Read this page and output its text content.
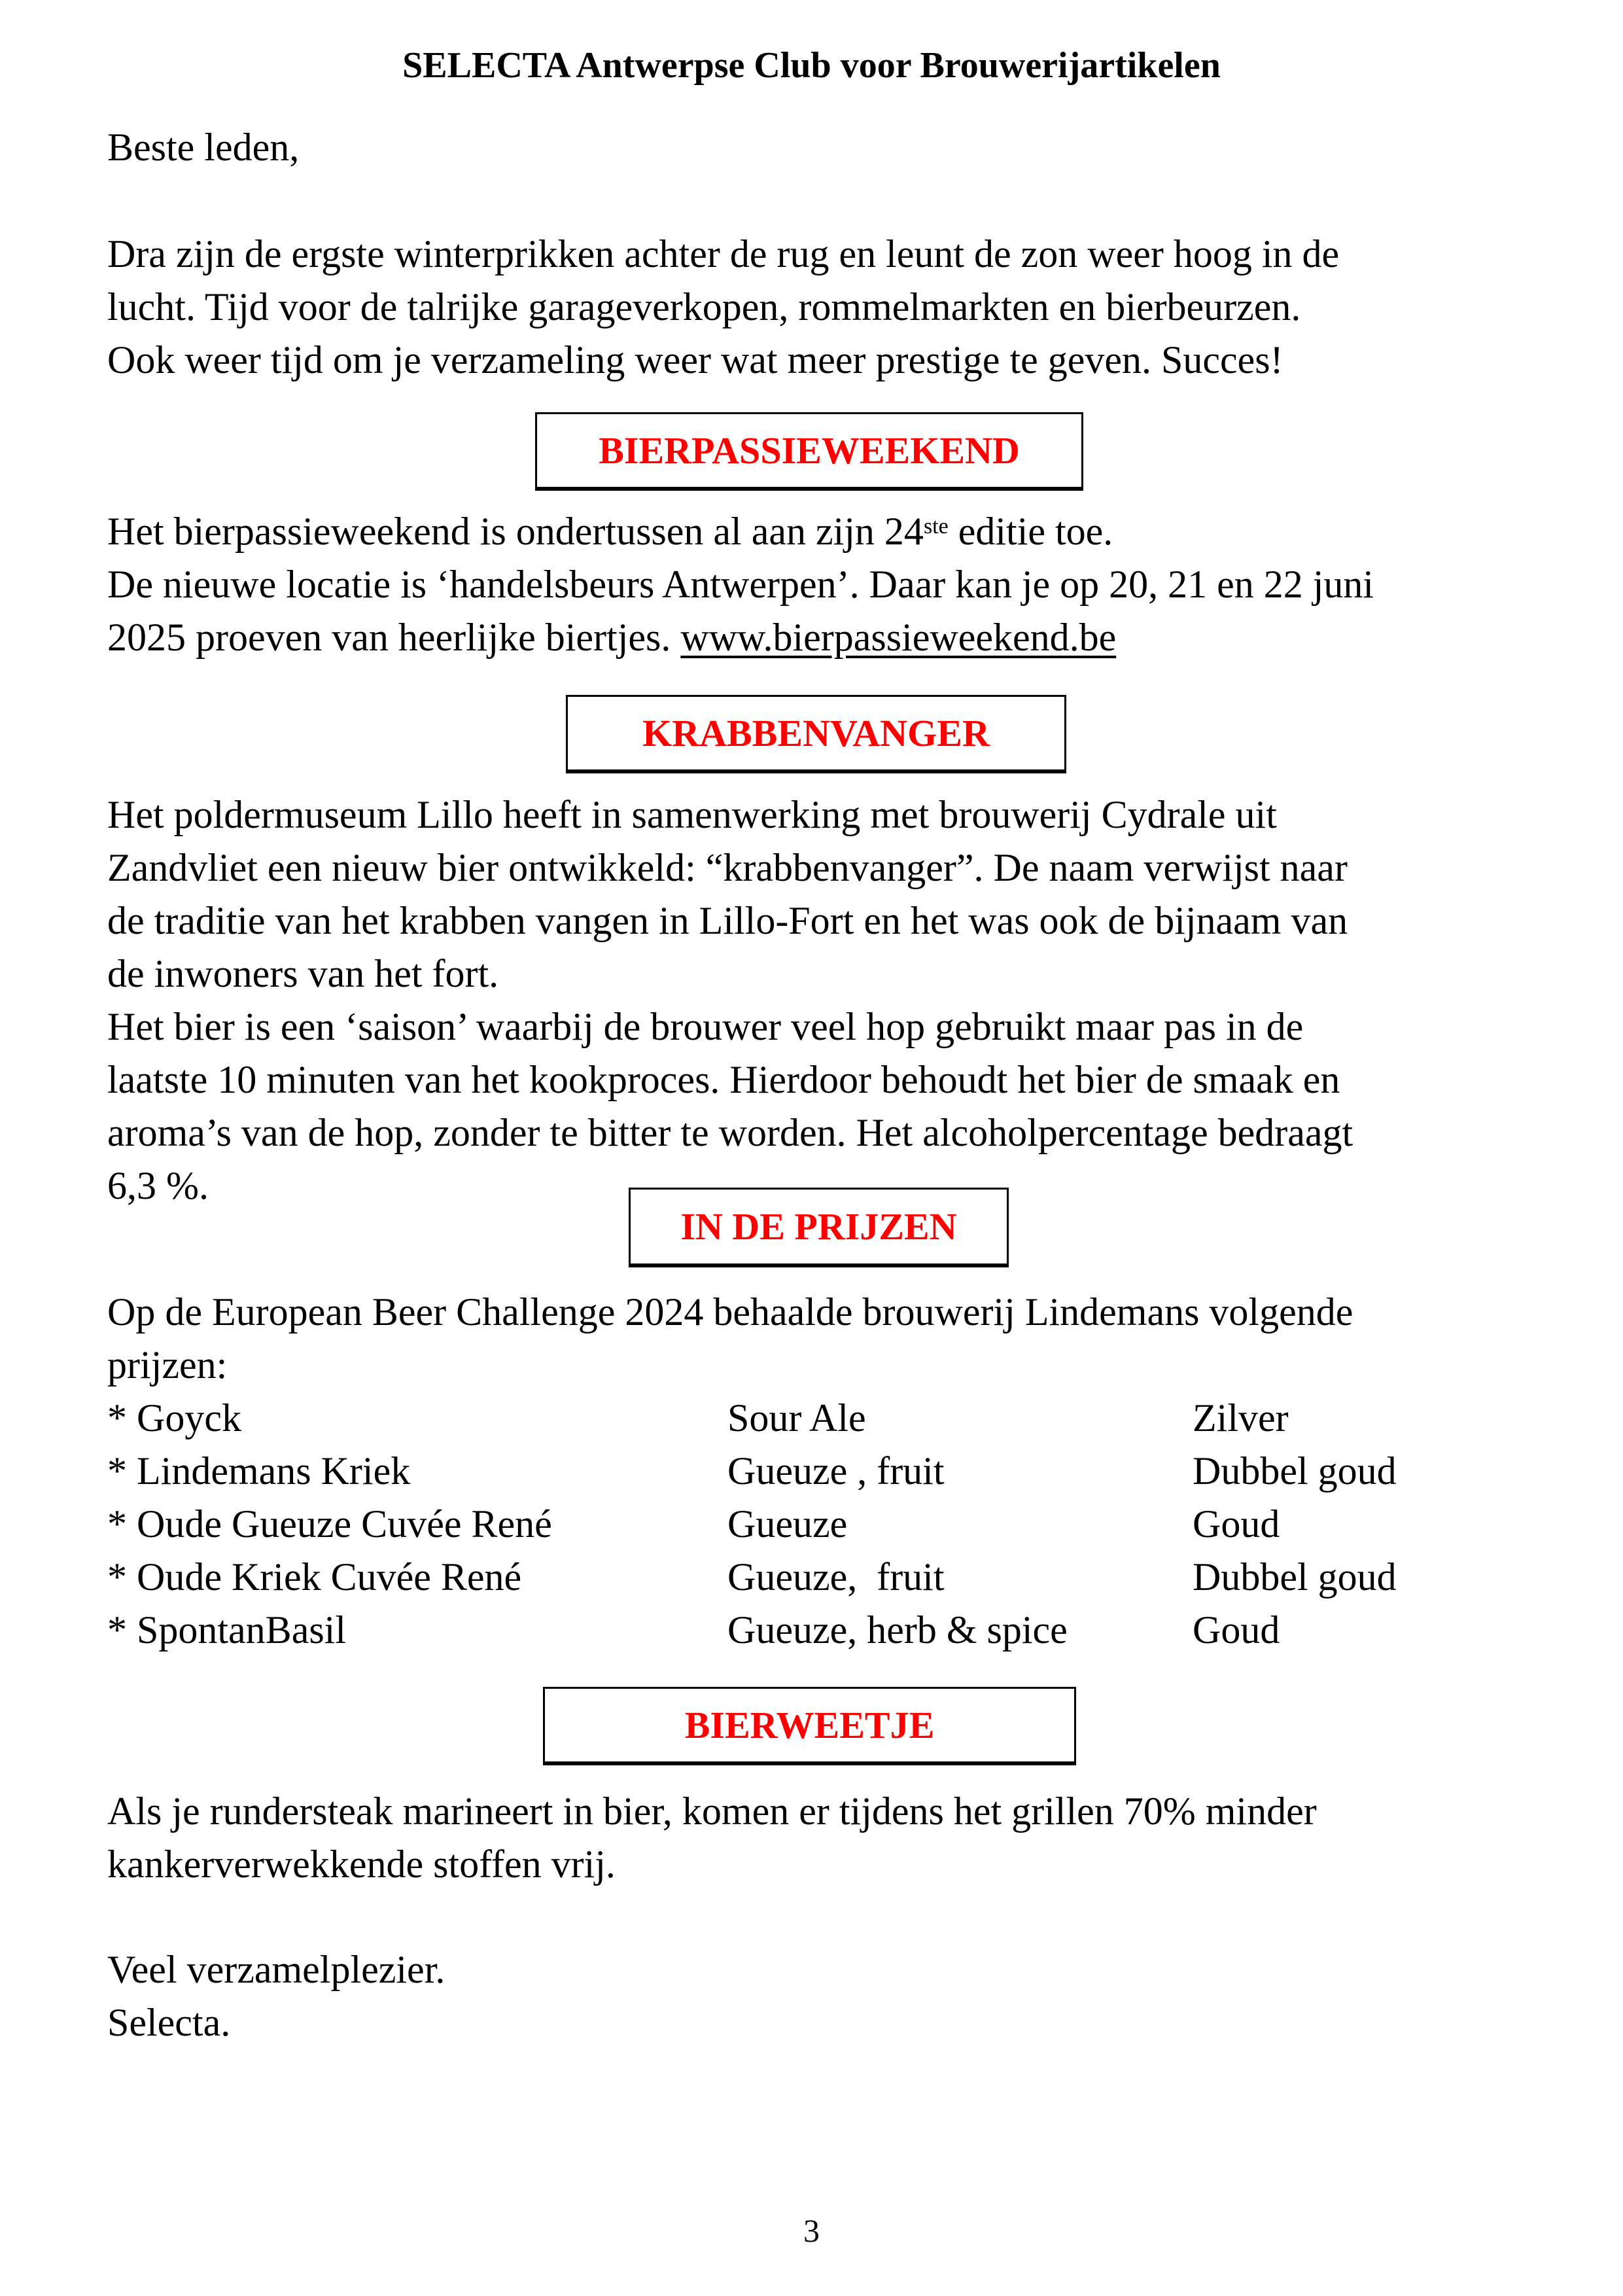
SELECTA Antwerpse Club voor Brouwerijartikelen
Beste leden,
Dra zijn de ergste winterprikken achter de rug en leunt de zon weer hoog in de
lucht. Tijd voor de talrijke garageverkopen, rommelmarkten en bierbeurzen.
Ook weer tijd om je verzameling weer wat meer prestige te geven. Succes!
BIERPASSIEWEEKEND
Het bierpassieweekend is ondertussen al aan zijn 24ste editie toe.
De nieuwe locatie is ‘handelsbeurs Antwerpen’. Daar kan je op 20, 21 en 22 juni
2025 proeven van heerlijke biertjes. www.bierpassieweekend.be
KRABBENVANGER
Het poldermuseum Lillo heeft in samenwerking met brouwerij Cydrale uit
Zandvliet een nieuw bier ontwikkeld: “krabbenvanger”. De naam verwijst naar
de traditie van het krabben vangen in Lillo-Fort en het was ook de bijnaam van
de inwoners van het fort.
Het bier is een ‘saison’ waarbij de brouwer veel hop gebruikt maar pas in de
laatste 10 minuten van het kookproces. Hierdoor behoudt het bier de smaak en
aroma’s van de hop, zonder te bitter te worden. Het alcoholpercentage bedraagt
6,3 %.
IN DE PRIJZEN
Op de European Beer Challenge 2024 behaalde brouwerij Lindemans volgende
prijzen:
* Goyck	Sour Ale	Zilver
* Lindemans Kriek	Gueuze , fruit	Dubbel goud
* Oude Gueuze Cuvée René	Gueuze	Goud
* Oude Kriek Cuvée René	Gueuze,  fruit	Dubbel goud
* SpontanBasil	Gueuze, herb & spice	Goud
BIERWEETJE
Als je rundersteak marineert in bier, komen er tijdens het grillen 70% minder
kankerverwekkende stoffen vrij.
Veel verzamelplezier.
Selecta.
3
